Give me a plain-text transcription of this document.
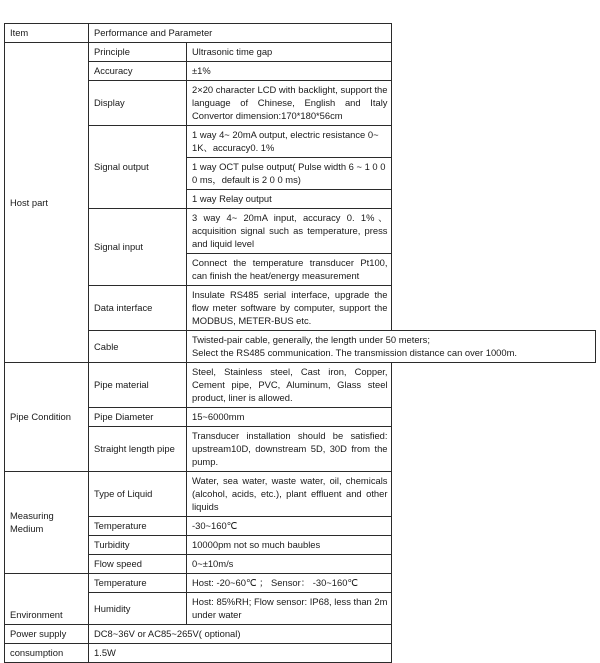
Item	Performance and Parameter	
Host part	Principle	Ultrasonic time gap
	Accuracy	±1%
	Display	2×20 character LCD with backlight, support the language of Chinese, English and Italy Convertor dimension:170*180*56cm
	Signal output	1 way 4~ 20mA output, electric resistance 0~ 1K、accuracy0. 1%
		1 way OCT pulse output( Pulse width 6 ~ 1 0 0 0 ms，default is 2 0 0 ms)
		1 way Relay output
	Signal input	3 way 4~ 20mA input, accuracy 0. 1%、acquisition signal such as temperature, press and liquid level
		Connect the temperature transducer Pt100, can finish the heat/energy measurement
	Data interface	Insulate RS485 serial interface, upgrade the flow meter software by computer, support the MODBUS, METER-BUS etc.
	Cable	Twisted-pair cable, generally, the length under 50 meters;
Select the RS485 communication. The transmission distance can over 1000m.

Pipe Condition	Pipe material	Steel, Stainless steel, Cast iron, Copper, Cement pipe, PVC, Aluminum, Glass steel product, liner is allowed.
	Pipe Diameter	15~6000mm
	Straight length pipe	Transducer installation should be satisfied: upstream10D, downstream 5D, 30D from the pump.
Measuring Medium	Type of Liquid	Water, sea water, waste water, oil, chemicals (alcohol, acids, etc.), plant effluent and other liquids
	Temperature	-30~160℃
	Turbidity	10000pm not so much baubles
	Flow speed	0~±10m/s
Environment	Temperature	Host: -20~60℃ ； Sensor： -30~160℃
	Humidity	Host: 85%RH; Flow sensor: IP68, less than 2m under water
Power supply	DC8~36V or AC85~265V( optional)	
consumption	1.5W	
